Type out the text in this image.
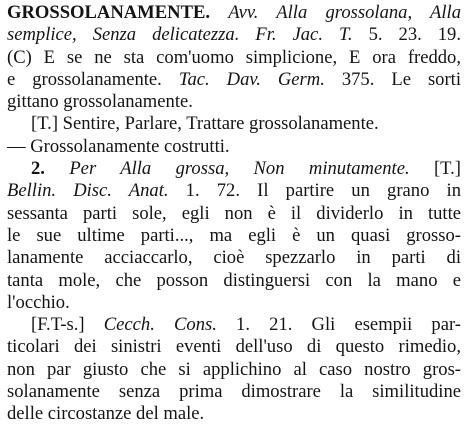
GROSSOLANAMENTE. Avv. Alla grossolana, Alla
semplice, Senza delicatezza. Fr. Jac. T. 5. 23. 19.
(C) E se ne sta com'uomo simplicione, E ora freddo,
e grossolanamente. Tac. Dav. Germ. 375. Le sorti
gittano grossolanamente.
[T.] Sentire, Parlare, Trattare grossolanamente.
— Grossolanamente costrutti.
2. Per Alla grossa, Non minutamente. [T.]
Bellin. Disc. Anat. 1. 72. Il partire un grano in
sessanta parti sole, egli non è il dividerlo in tutte
le sue ultime parti..., ma egli è un quasi grosso-
lanamente acciaccarlo, cioè spezzarlo in parti di
tanta mole, che posson distinguersi con la mano e
l'occhio.
[F.T-s.] Cecch. Cons. 1. 21. Gli esempii par-
ticolari dei sinistri eventi dell'uso di questo rimedio,
non par giusto che si applichino al caso nostro gros-
solanamente senza prima dimostrare la similitudine
delle circostanze del male.
